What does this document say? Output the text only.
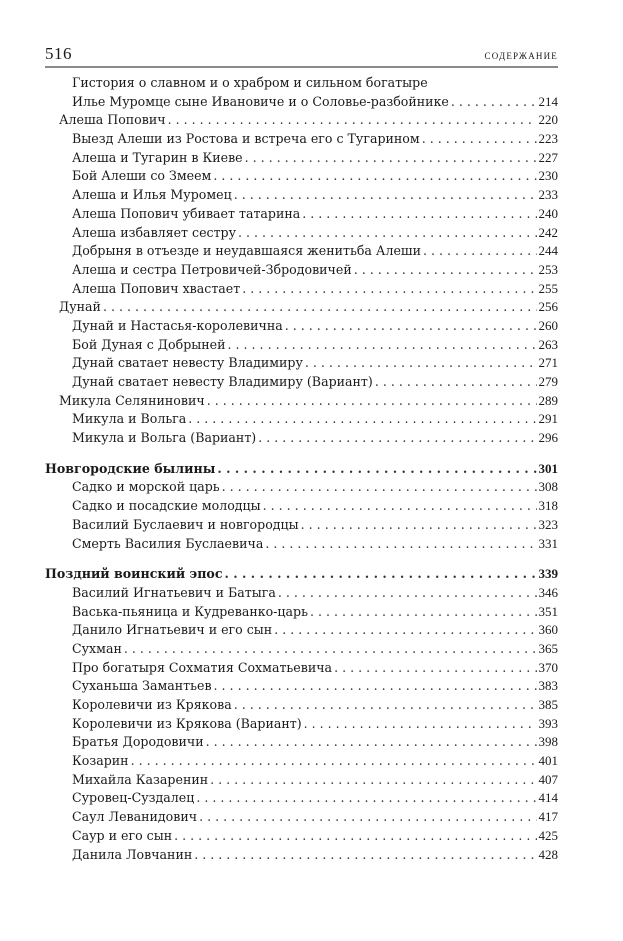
516	содержание
Гистория о славном и о храбром и сильном богатыре
Илье Муромце сыне Ивановиче и о Соловье-разбойнике . . .	214
Алеша Попович . . .	220
Выезд Алеши из Ростова и встреча его с Тугарином . . .	223
Алеша и Тугарин в Киеве . . .	227
Бой Алеши со Змеем . . .	230
Алеша и Илья Муромец . . .	233
Алеша Попович убивает татарина . . .	240
Алеша избавляет сестру . . .	242
Добрыня в отъезде и неудавшаяся женитьба Алеши . . .	244
Алеша и сестра Петровичей-Збродовичей . . .	253
Алеша Попович хвастает . . .	255
Дунай . . .	256
Дунай и Настасья-королевична . . .	260
Бой Дуная с Добрыней . . .	263
Дунай сватает невесту Владимиру . . .	271
Дунай сватает невесту Владимиру (Вариант) . . .	279
Микула Селянинович . . .	289
Микула и Вольга . . .	291
Микула и Вольга (Вариант) . . .	296
Новгородские былины . . .	301
Садко и морской царь . . .	308
Садко и посадские молодцы . . .	318
Василий Буслаевич и новгородцы . . .	323
Смерть Василия Буслаевича . . .	331
Поздний воинский эпос . . .	339
Василий Игнатьевич и Батыга . . .	346
Васька-пьяница и Кудреванко-царь . . .	351
Данило Игнатьевич и его сын . . .	360
Сухман . . .	365
Про богатыря Сохматия Сохматьевича . . .	370
Суханьша Замантьев . . .	383
Королевичи из Крякова . . .	385
Королевичи из Крякова (Вариант) . . .	393
Братья Дородовичи . . .	398
Козарин . . .	401
Михайла Казаренин . . .	407
Суровец-Суздалец . . .	414
Саул Леванидович . . .	417
Саур и его сын . . .	425
Данила Ловчанин . . .	428
